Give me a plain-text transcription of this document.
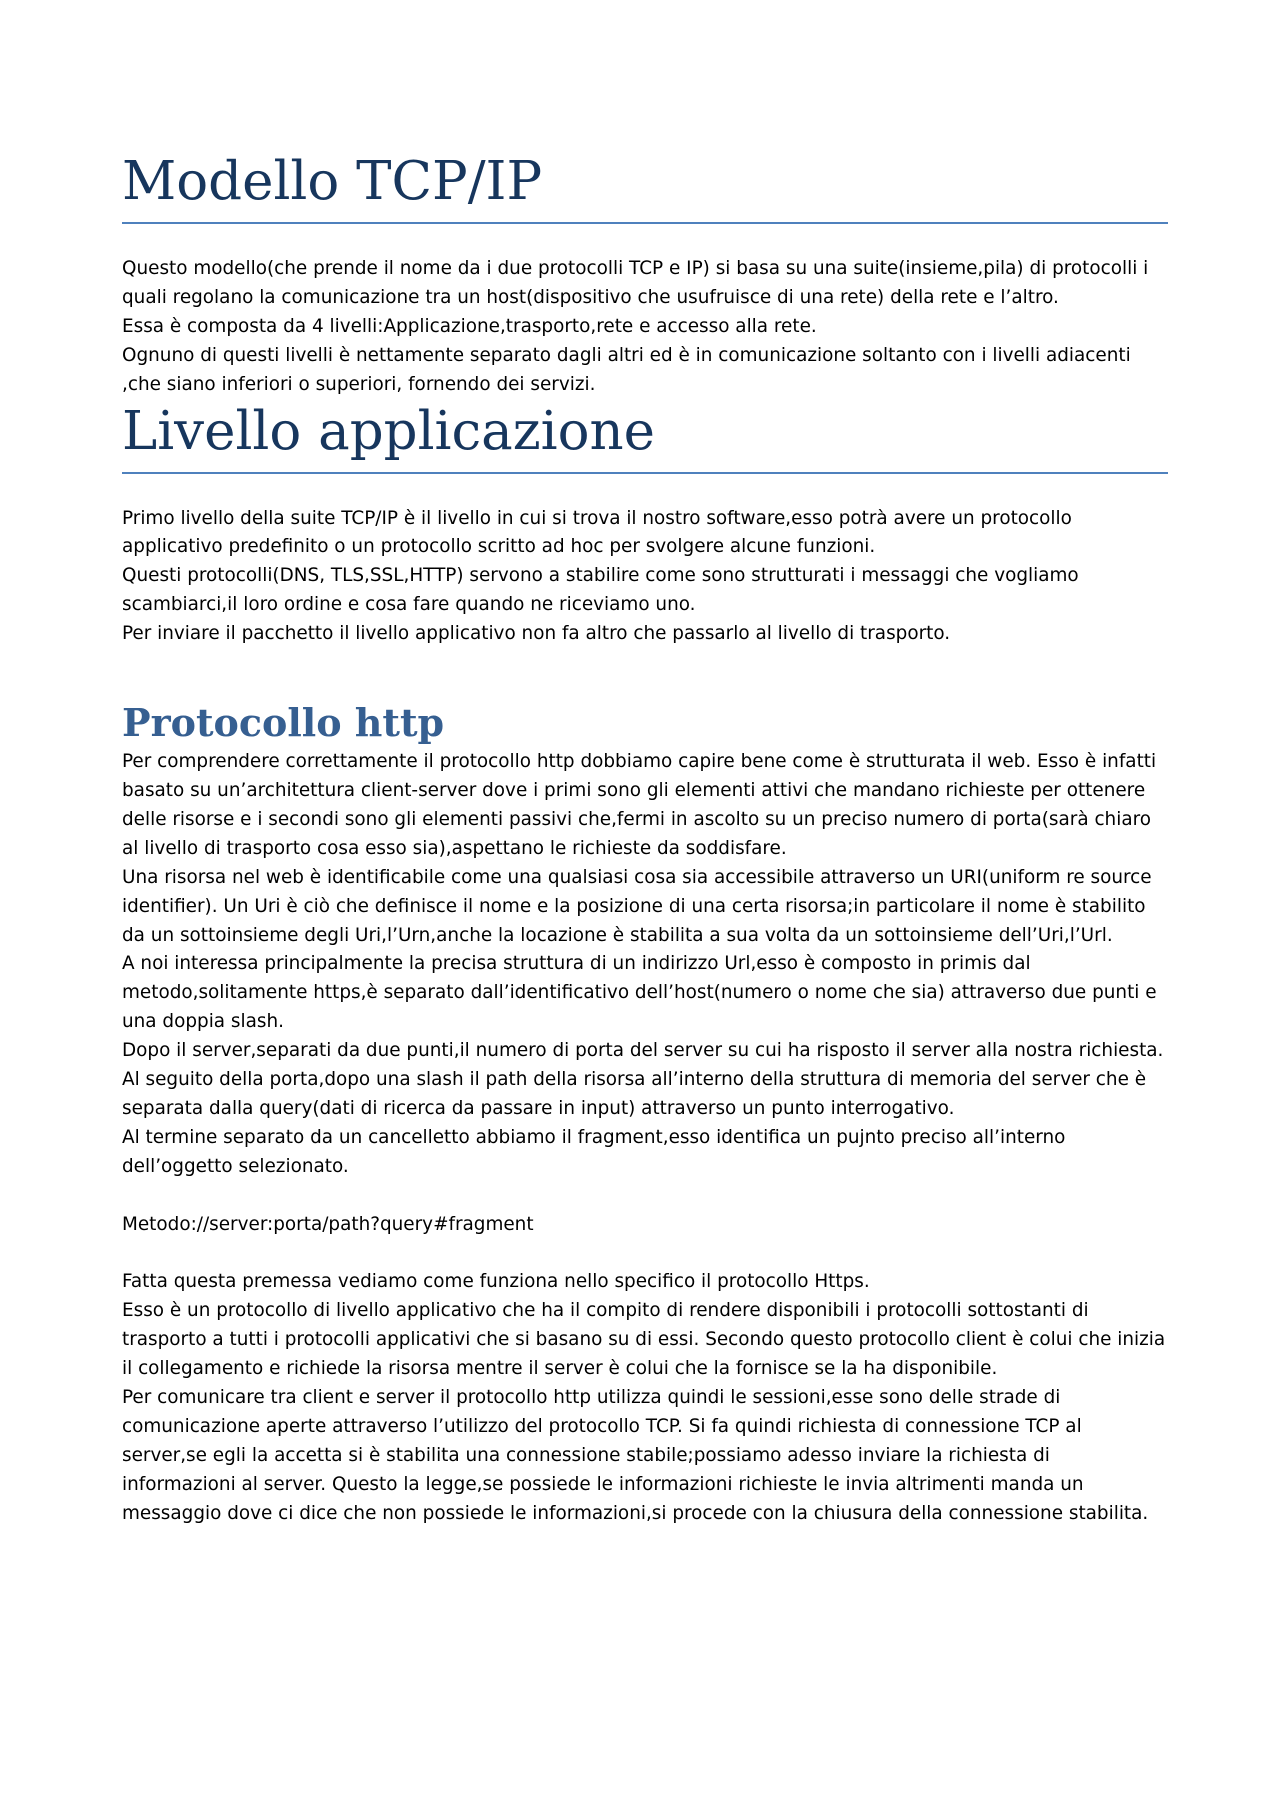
Modello TCP/IP

Questo modello(che prende il nome da i due protocolli TCP e IP) si basa su una suite(insieme,pila) di protocolli i quali regolano la comunicazione tra un host(dispositivo che usufruisce di una rete) della rete e l’altro.

Essa è composta da 4 livelli:Applicazione,trasporto,rete e accesso alla rete.

Ognuno di questi livelli è nettamente separato dagli altri ed è in comunicazione soltanto con i livelli adiacenti ,che siano inferiori o superiori, fornendo dei servizi.

Livello applicazione

Primo livello della suite TCP/IP è il livello in cui si trova il nostro software,esso potrà avere un protocollo applicativo predefinito o un protocollo scritto ad hoc per svolgere alcune funzioni.

Questi protocolli(DNS, TLS,SSL,HTTP) servono a stabilire come sono strutturati i messaggi che vogliamo scambiarci,il loro ordine e cosa fare quando ne riceviamo uno.

Per inviare il pacchetto il livello applicativo non fa altro che passarlo al livello di trasporto.

Protocollo http

Per comprendere correttamente il protocollo http dobbiamo capire bene come è strutturata il web. Esso è infatti basato su un’architettura client-server dove i primi sono gli elementi attivi che mandano richieste per ottenere delle risorse e i secondi sono gli elementi passivi che,fermi in ascolto su un preciso numero di porta(sarà chiaro al livello di trasporto cosa esso sia),aspettano le richieste da soddisfare.

Una risorsa nel web è identificabile come una qualsiasi cosa sia accessibile attraverso un URI(uniform re source identifier). Un Uri è ciò che definisce il nome e la posizione di una certa risorsa;in particolare il nome è stabilito da un sottoinsieme degli Uri,l’Urn,anche la locazione è stabilita a sua volta da un sottoinsieme dell’Uri,l’Url.

A noi interessa principalmente la precisa struttura di un indirizzo Url,esso è composto in primis dal metodo,solitamente https,è separato dall’identificativo dell’host(numero o nome che sia) attraverso due punti e una doppia slash.

Dopo il server,separati da due punti,il numero di porta del server su cui ha risposto il server alla nostra richiesta. Al seguito della porta,dopo una slash il path della risorsa all’interno della struttura di memoria del server che è separata dalla query(dati di ricerca da passare in input) attraverso un punto interrogativo.

Al termine separato da un cancelletto abbiamo il fragment,esso identifica un pujnto preciso all’interno dell’oggetto selezionato.

Metodo://server:porta/path?query#fragment

Fatta questa premessa vediamo come funziona nello specifico il protocollo Https.

Esso è un protocollo di livello applicativo che ha il compito di rendere disponibili i protocolli sottostanti di trasporto a tutti i protocolli applicativi che si basano su di essi. Secondo questo protocollo client è colui che inizia il collegamento e richiede la risorsa mentre il server è colui che la fornisce se la ha disponibile.

Per comunicare tra client e server il protocollo http utilizza quindi le sessioni,esse sono delle strade di comunicazione aperte attraverso l’utilizzo del protocollo TCP. Si fa quindi richiesta di connessione TCP al server,se egli la accetta si è stabilita una connessione stabile;possiamo adesso inviare la richiesta di informazioni al server. Questo la legge,se possiede le informazioni richieste le invia altrimenti manda un messaggio dove ci dice che non possiede le informazioni,si procede con la chiusura della connessione stabilita.
